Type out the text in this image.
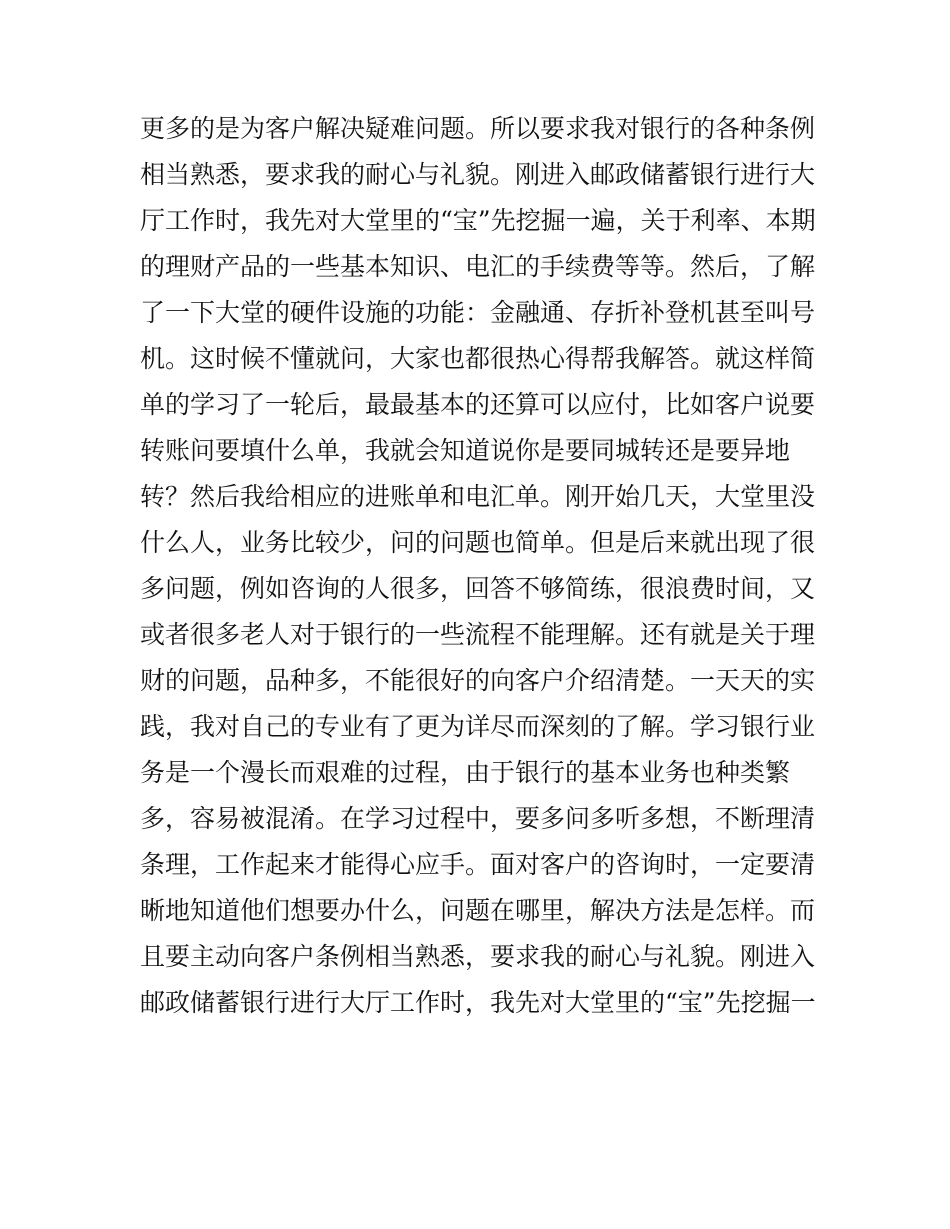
更多的是为客户解决疑难问题。所以要求我对银行的各种条例
相当熟悉，要求我的耐心与礼貌。刚进入邮政储蓄银行进行大
厅工作时，我先对大堂里的“宝”先挖掘一遍，关于利率、本期
的理财产品的一些基本知识、电汇的手续费等等。然后，了解
了一下大堂的硬件设施的功能：金融通、存折补登机甚至叫号
机。这时候不懂就问，大家也都很热心得帮我解答。就这样简
单的学习了一轮后，最最基本的还算可以应付，比如客户说要
转账问要填什么单，我就会知道说你是要同城转还是要异地
转？然后我给相应的进账单和电汇单。刚开始几天，大堂里没
什么人，业务比较少，问的问题也简单。但是后来就出现了很
多问题，例如咨询的人很多，回答不够简练，很浪费时间，又
或者很多老人对于银行的一些流程不能理解。还有就是关于理
财的问题，品种多，不能很好的向客户介绍清楚。一天天的实
践，我对自己的专业有了更为详尽而深刻的了解。学习银行业
务是一个漫长而艰难的过程，由于银行的基本业务也种类繁
多，容易被混淆。在学习过程中，要多问多听多想，不断理清
条理，工作起来才能得心应手。面对客户的咨询时，一定要清
晰地知道他们想要办什么，问题在哪里，解决方法是怎样。而
且要主动向客户条例相当熟悉，要求我的耐心与礼貌。刚进入
邮政储蓄银行进行大厅工作时，我先对大堂里的“宝”先挖掘一
